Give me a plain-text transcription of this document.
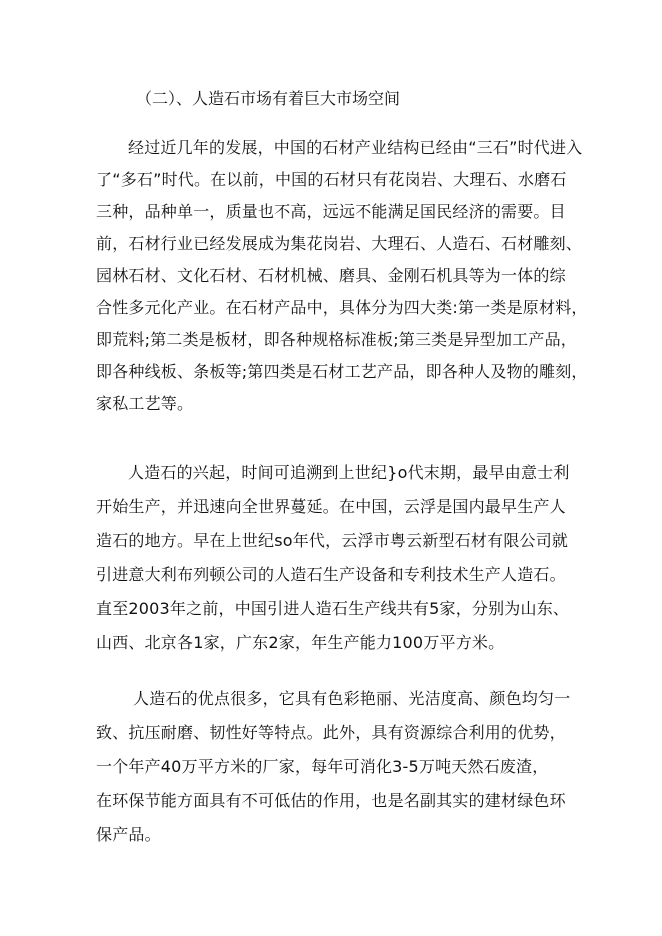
（二）、人造石市场有着巨大市场空间
经过近几年的发展，中国的石材产业结构已经由“三石”时代进入
了“多石”时代。在以前，中国的石材只有花岗岩、大理石、水磨石
三种，品种单一，质量也不高，远远不能满足国民经济的需要。目
前，石材行业已经发展成为集花岗岩、大理石、人造石、石材雕刻、
园林石材、文化石材、石材机械、磨具、金刚石机具等为一体的综
合性多元化产业。在石材产品中，具体分为四大类:第一类是原材料，
即荒料;第二类是板材，即各种规格标准板;第三类是异型加工产品，
即各种线板、条板等;第四类是石材工艺产品，即各种人及物的雕刻，
家私工艺等。
人造石的兴起，时间可追溯到上世纪}o代末期，最早由意士利
开始生产，并迅速向全世界蔓延。在中国，云浮是国内最早生产人
造石的地方。早在上世纪so年代，云浮市粤云新型石材有限公司就
引进意大利布列顿公司的人造石生产设备和专利技术生产人造石。
直至2003年之前，中国引进人造石生产线共有5家，分别为山东、
山西、北京各1家，广东2家，年生产能力100万平方米。
人造石的优点很多，它具有色彩艳丽、光洁度高、颜色均匀一
致、抗压耐磨、韧性好等特点。此外，具有资源综合利用的优势，
一个年产40万平方米的厂家，每年可消化3-5万吨天然石废渣，
在环保节能方面具有不可低估的作用，也是名副其实的建材绿色环
保产品。
